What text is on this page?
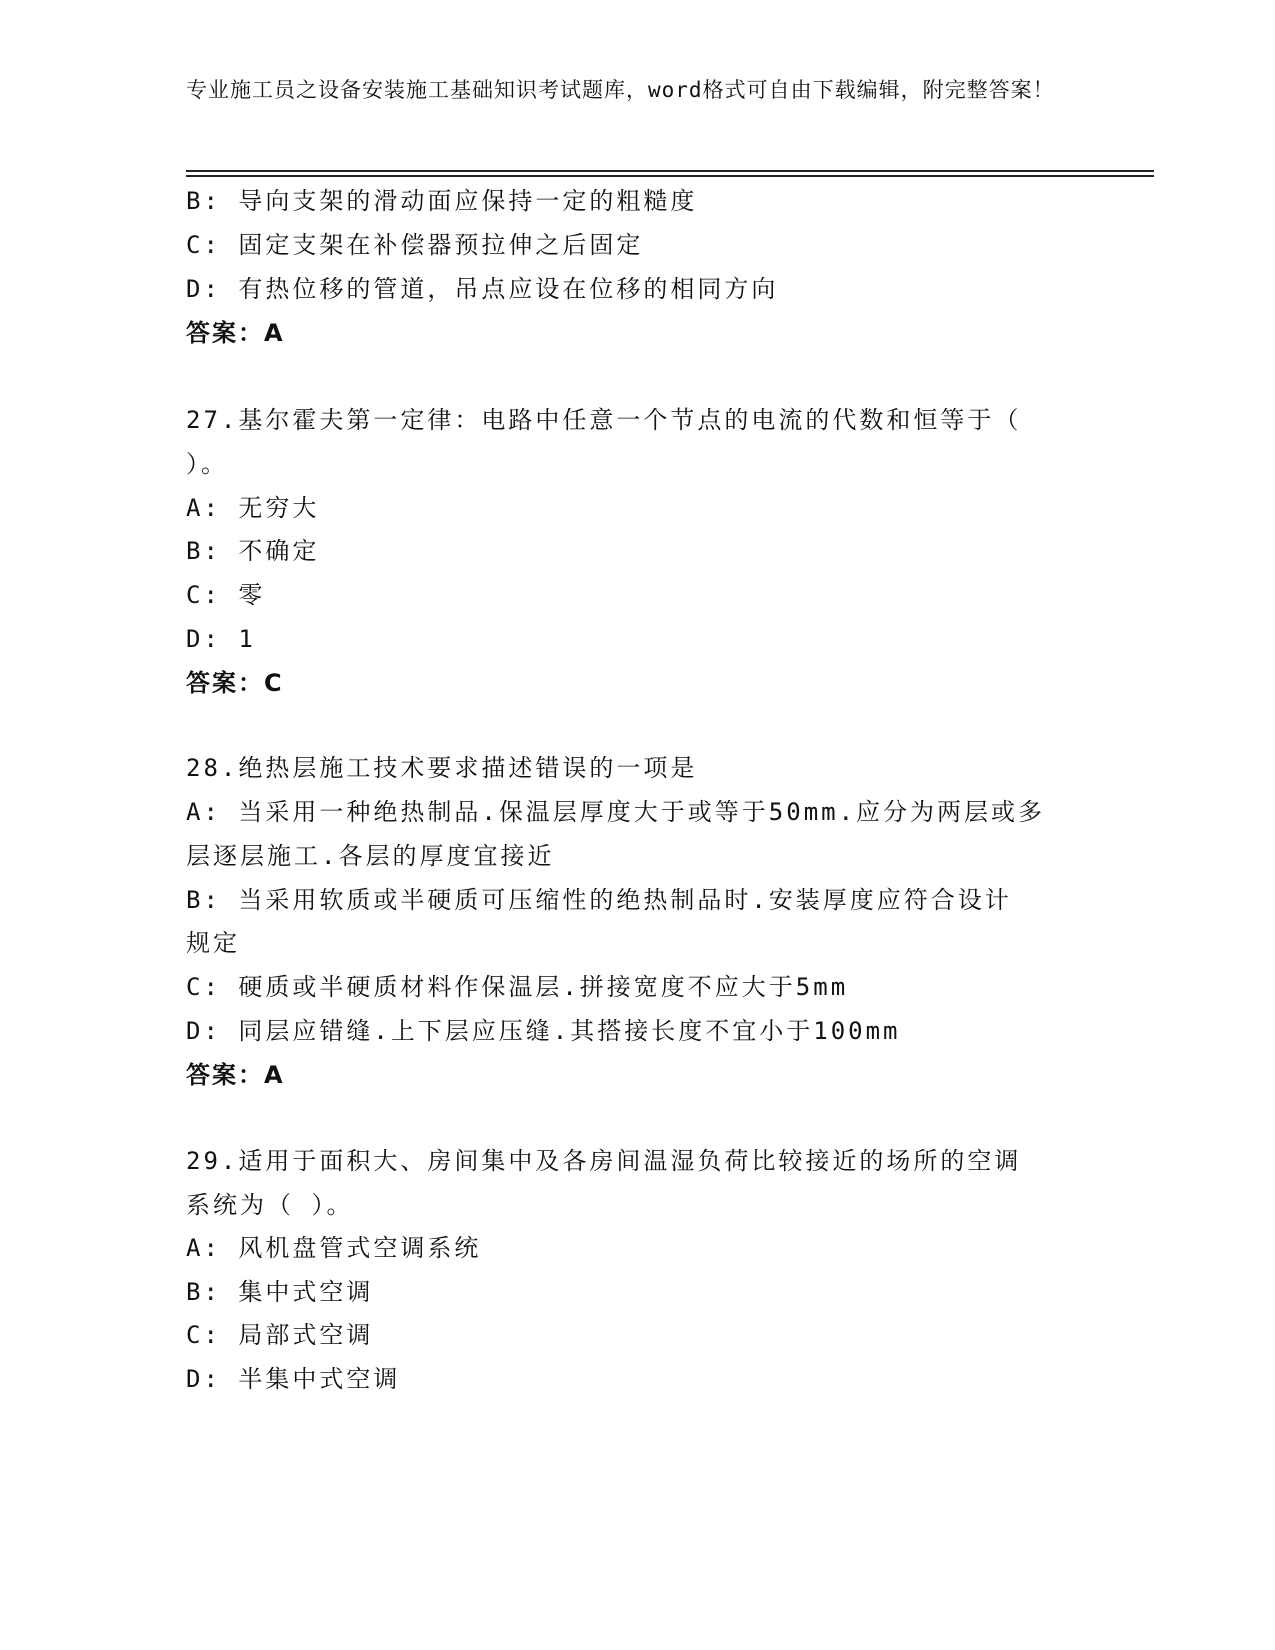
专业施工员之设备安装施工基础知识考试题库，word格式可自由下载编辑，附完整答案！
B: 导向支架的滑动面应保持一定的粗糙度
C: 固定支架在补偿器预拉伸之后固定
D: 有热位移的管道，吊点应设在位移的相同方向
答案：A
27.基尔霍夫第一定律：电路中任意一个节点的电流的代数和恒等于（
）。
A: 无穷大
B: 不确定
C: 零
D: 1
答案：C
28.绝热层施工技术要求描述错误的一项是
A: 当采用一种绝热制品.保温层厚度大于或等于50mm.应分为两层或多
层逐层施工.各层的厚度宜接近
B: 当采用软质或半硬质可压缩性的绝热制品时.安装厚度应符合设计
规定
C: 硬质或半硬质材料作保温层.拼接宽度不应大于5mm
D: 同层应错缝.上下层应压缝.其搭接长度不宜小于100mm
答案：A
29.适用于面积大、房间集中及各房间温湿负荷比较接近的场所的空调
系统为（ ）。
A: 风机盘管式空调系统
B: 集中式空调
C: 局部式空调
D: 半集中式空调
